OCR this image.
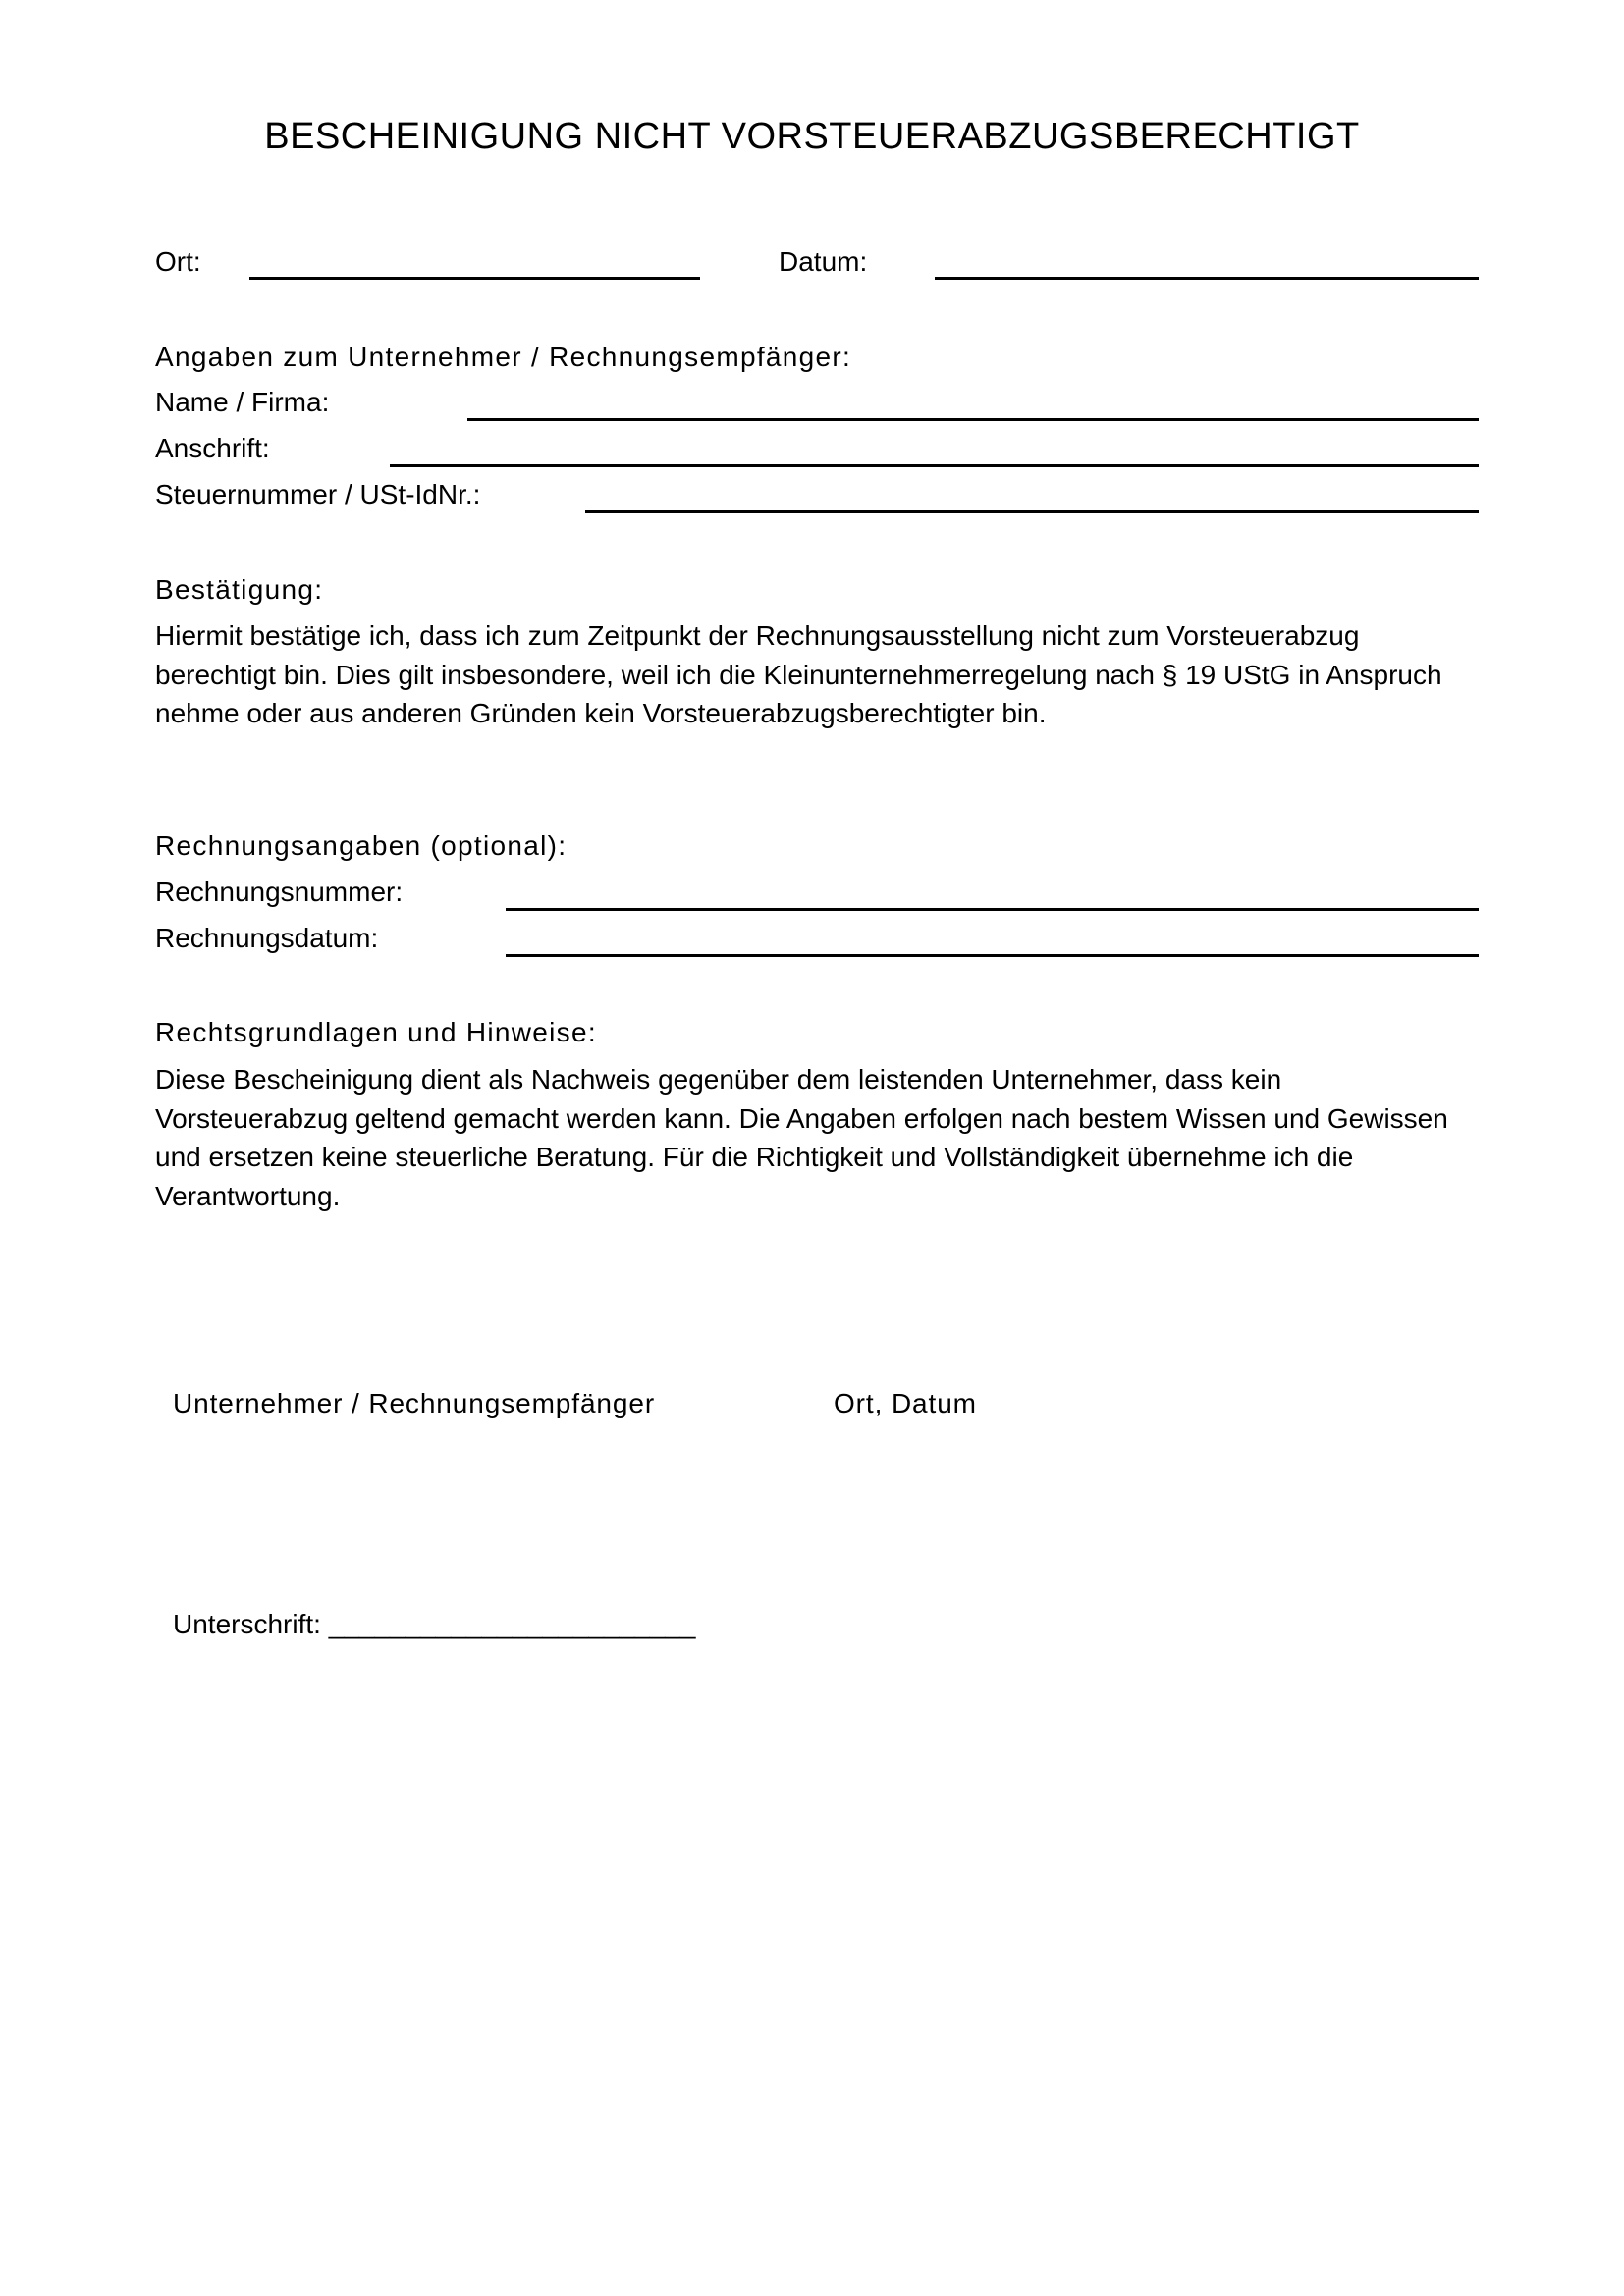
BESCHEINIGUNG NICHT VORSTEUERABZUGSBERECHTIGT
Ort:	Datum:
Angaben zum Unternehmer / Rechnungsempfänger:
Name / Firma:
Anschrift:
Steuernummer / USt-IdNr.:
Bestätigung:
Hiermit bestätige ich, dass ich zum Zeitpunkt der Rechnungsausstellung nicht zum Vorsteuerabzug
berechtigt bin. Dies gilt insbesondere, weil ich die Kleinunternehmerregelung nach § 19 UStG in Anspruch
nehme oder aus anderen Gründen kein Vorsteuerabzugsberechtigter bin.
Rechnungsangaben (optional):
Rechnungsnummer:
Rechnungsdatum:
Rechtsgrundlagen und Hinweise:
Diese Bescheinigung dient als Nachweis gegenüber dem leistenden Unternehmer, dass kein
Vorsteuerabzug geltend gemacht werden kann. Die Angaben erfolgen nach bestem Wissen und Gewissen
und ersetzen keine steuerliche Beratung. Für die Richtigkeit und Vollständigkeit übernehme ich die
Verantwortung.
Unternehmer / Rechnungsempfänger	Ort, Datum
Unterschrift: ________________________
